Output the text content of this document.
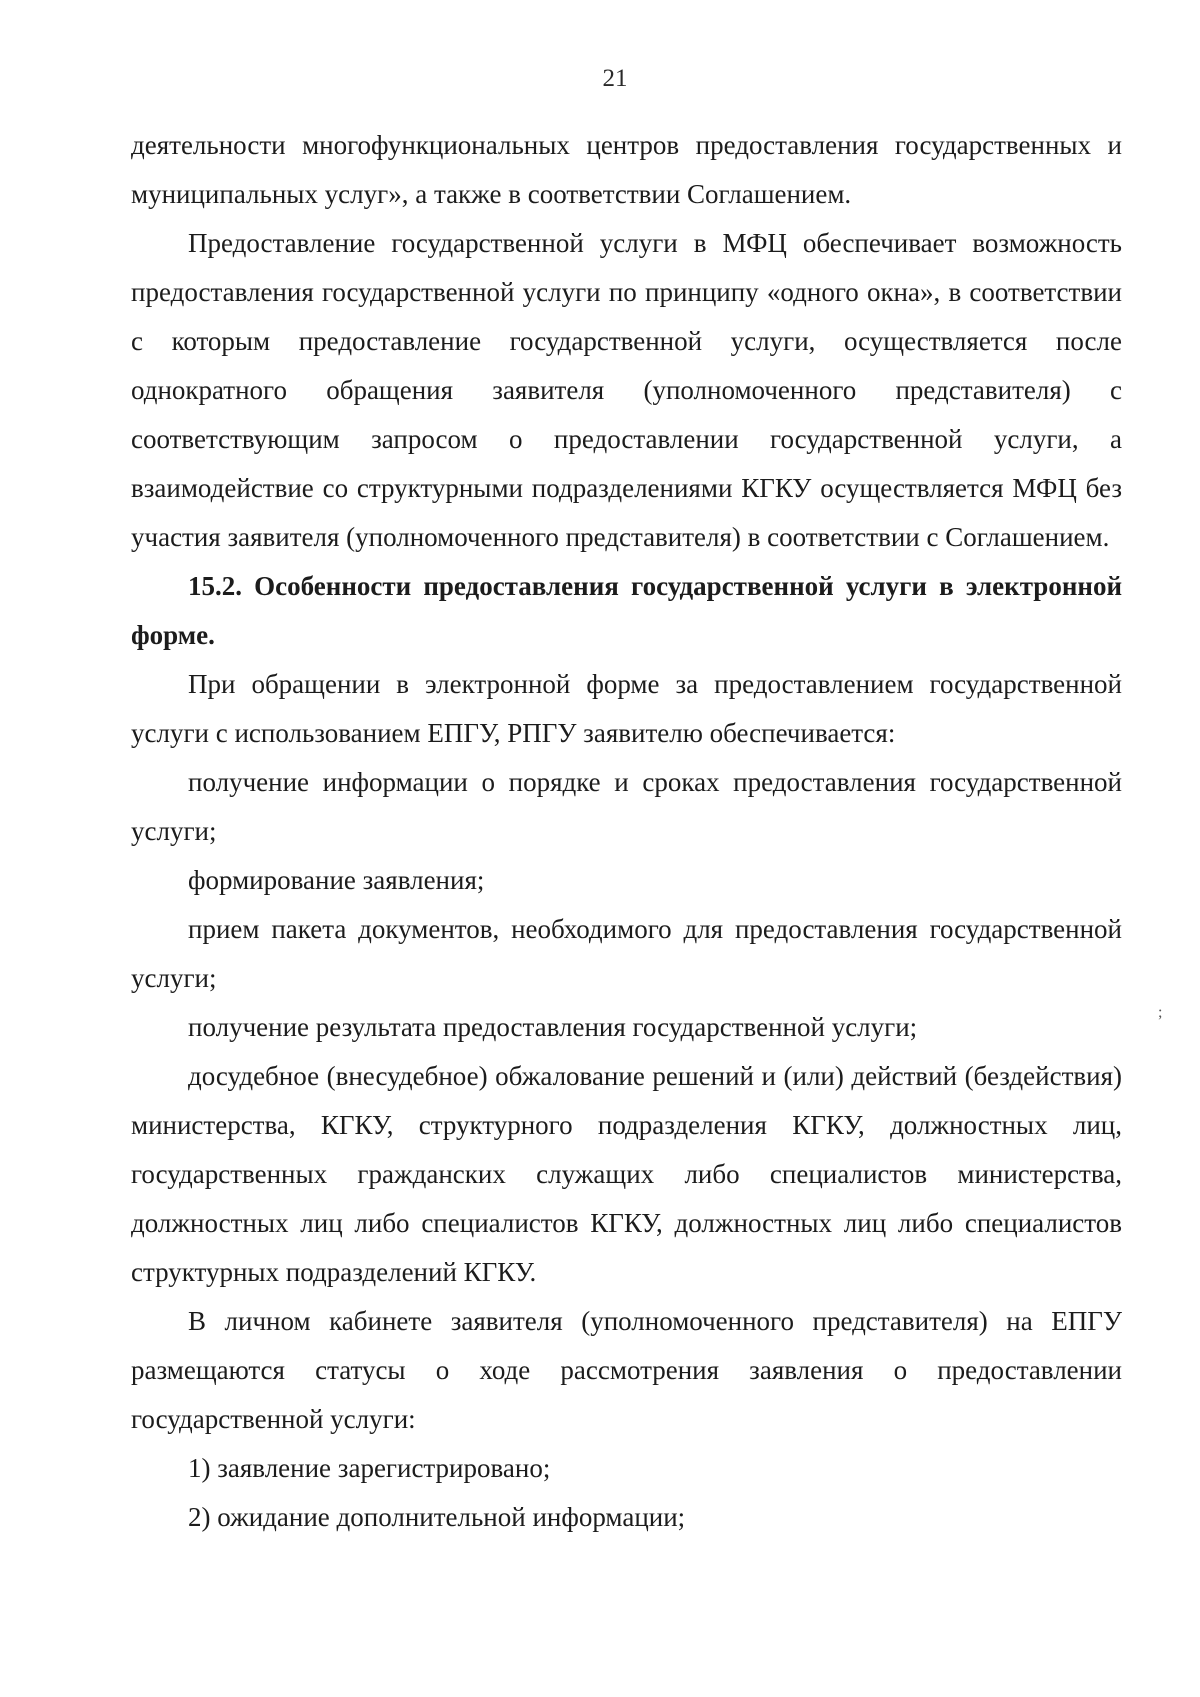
21

деятельности многофункциональных центров предоставления государственных и муниципальных услуг», а также в соответствии Соглашением.

Предоставление государственной услуги в МФЦ обеспечивает возможность предоставления государственной услуги по принципу «одного окна», в соответствии с которым предоставление государственной услуги, осуществляется после однократного обращения заявителя (уполномоченного представителя) с соответствующим запросом о предоставлении государственной услуги, а взаимодействие со структурными подразделениями КГКУ осуществляется МФЦ без участия заявителя (уполномоченного представителя) в соответствии с Соглашением.

15.2. Особенности предоставления государственной услуги в электронной форме.

При обращении в электронной форме за предоставлением государственной услуги с использованием ЕПГУ, РПГУ заявителю обеспечивается:

получение информации о порядке и сроках предоставления государственной услуги;

формирование заявления;

прием пакета документов, необходимого для предоставления государственной услуги;

получение результата предоставления государственной услуги;

досудебное (внесудебное) обжалование решений и (или) действий (бездействия) министерства, КГКУ, структурного подразделения КГКУ, должностных лиц, государственных гражданских служащих либо специалистов министерства, должностных лиц либо специалистов КГКУ, должностных лиц либо специалистов структурных подразделений КГКУ.

В личном кабинете заявителя (уполномоченного представителя) на ЕПГУ размещаются статусы о ходе рассмотрения заявления о предоставлении государственной услуги:

1) заявление зарегистрировано;

2) ожидание дополнительной информации;

;
